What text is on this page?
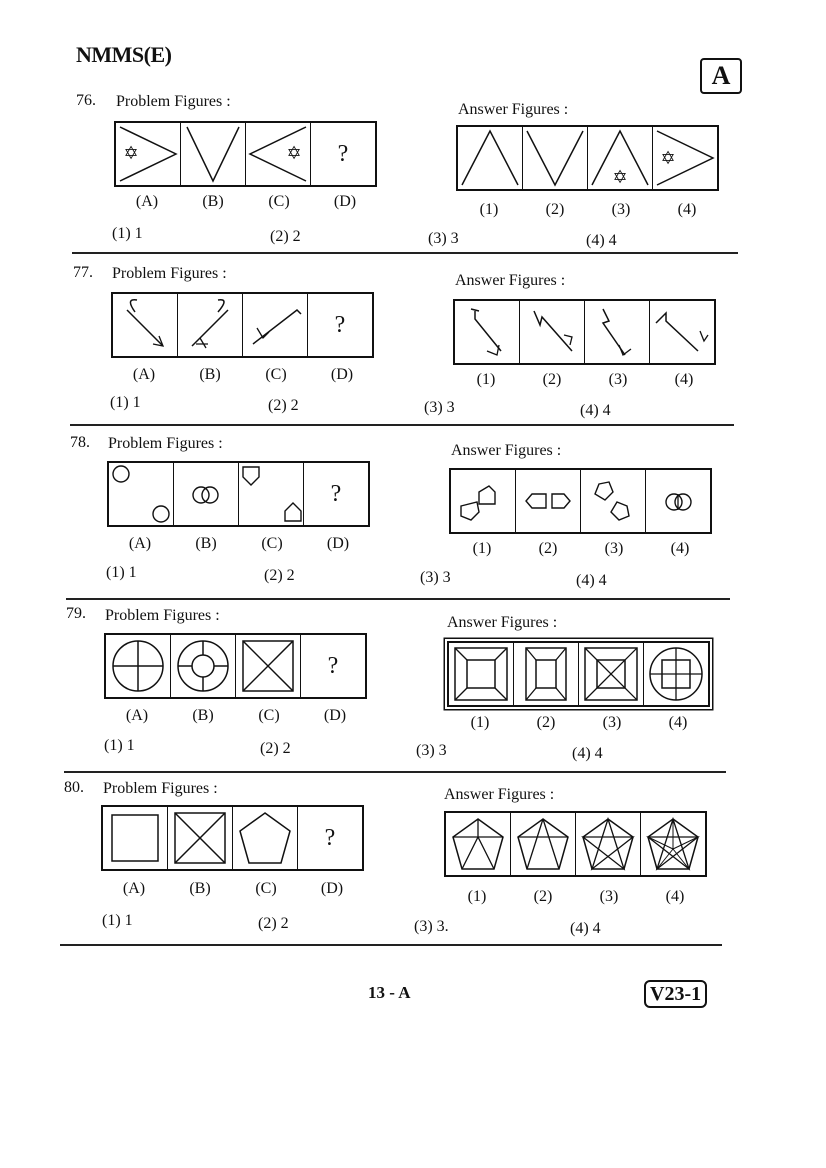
NMMS(E)
A
76. Problem Figures :	Answer Figures :
✡	✡	?
(A)	(B)	(C)	(D)
✡
✡
(1)	(2)	(3)	(4)
(1) 1	(2) 2	(3) 3	(4) 4
77. Problem Figures :	Answer Figures :
?
(A)	(B)	(C)	(D)	(1)	(2)	(3)	(4)
(1) 1	(2) 2	(3) 3	(4) 4
78. Problem Figures :	Answer Figures :
?
(A)	(B)	(C)	(D)	(1)	(2)	(3)	(4)
(1) 1	(2) 2	(3) 3	(4) 4
79. Problem Figures :	Answer Figures :
?
(A)	(B)	(C)	(D)	(1)	(2)	(3)	(4)
(1) 1	(2) 2	(3) 3	(4) 4
80. Problem Figures :	Answer Figures :
?
(A)	(B)	(C)	(D)	(1)	(2)	(3)	(4)
(1) 1	(2) 2	(3) 3.	(4) 4
13 - A	V23-1
